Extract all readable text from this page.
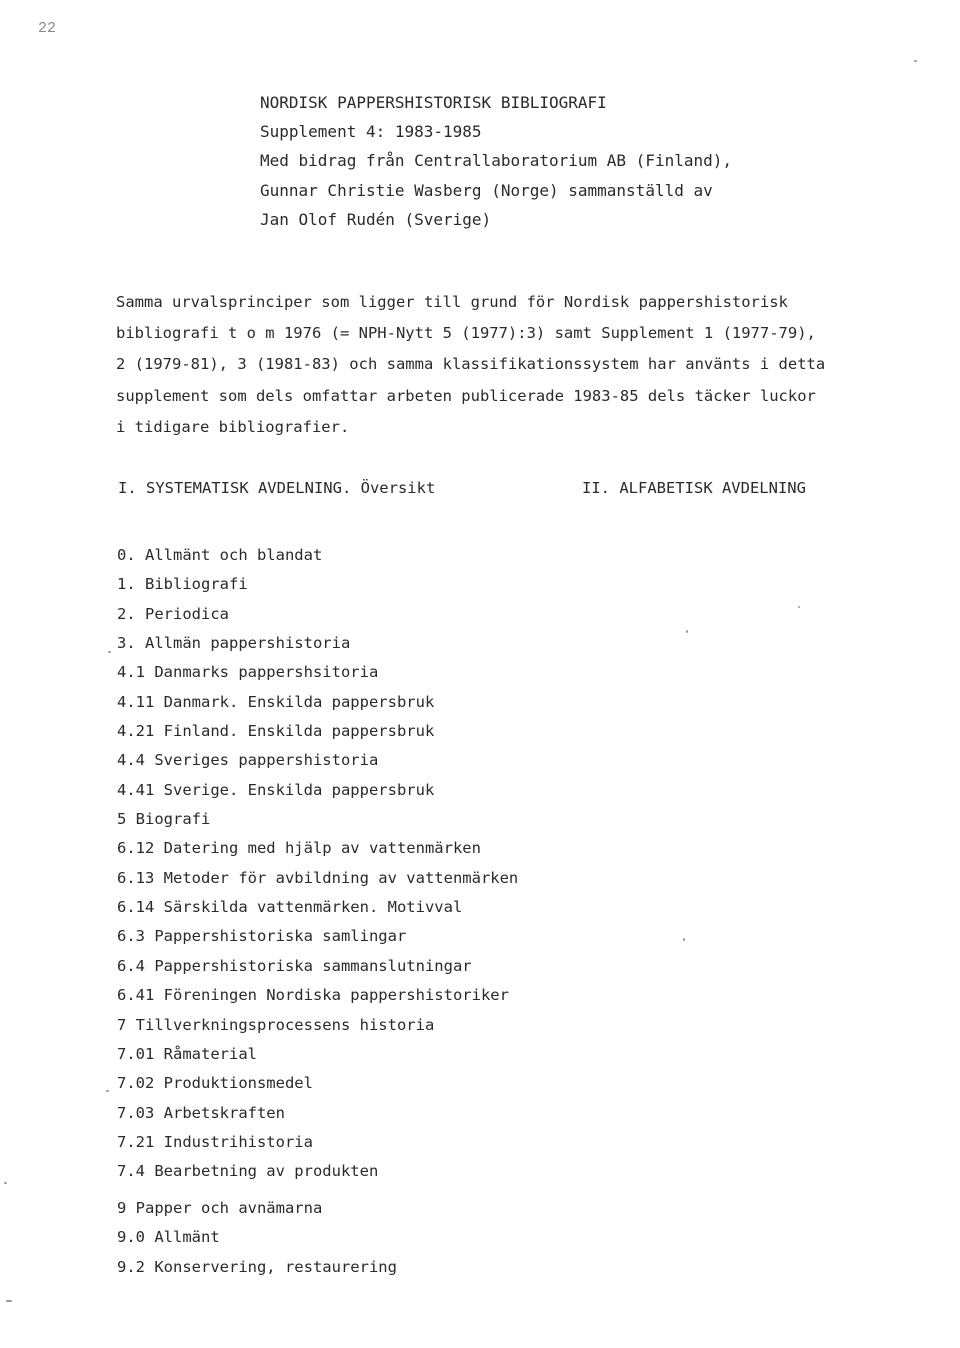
22
NORDISK PAPPERSHISTORISK BIBLIOGRAFI
Supplement 4: 1983-1985
Med bidrag från Centrallaboratorium AB (Finland),
Gunnar Christie Wasberg (Norge) sammanställd av
Jan Olof Rudén (Sverige)
Samma urvalsprinciper som ligger till grund för Nordisk pappershistorisk
bibliografi t o m 1976 (= NPH-Nytt 5 (1977):3) samt Supplement 1 (1977-79),
2 (1979-81), 3 (1981-83) och samma klassifikationssystem har använts i detta
supplement som dels omfattar arbeten publicerade 1983-85 dels täcker luckor
i tidigare bibliografier.
I. SYSTEMATISK AVDELNING. Översikt	II. ALFABETISK AVDELNING
0. Allmänt och blandat
1. Bibliografi
2. Periodica
3. Allmän pappershistoria
4.1 Danmarks pappershsitoria
4.11 Danmark. Enskilda pappersbruk
4.21 Finland. Enskilda pappersbruk
4.4 Sveriges pappershistoria
4.41 Sverige. Enskilda pappersbruk
5 Biografi
6.12 Datering med hjälp av vattenmärken
6.13 Metoder för avbildning av vattenmärken
6.14 Särskilda vattenmärken. Motivval
6.3 Pappershistoriska samlingar
6.4 Pappershistoriska sammanslutningar
6.41 Föreningen Nordiska pappershistoriker
7 Tillverkningsprocessens historia
7.01 Råmaterial
7.02 Produktionsmedel
7.03 Arbetskraften
7.21 Industrihistoria
7.4 Bearbetning av produkten
9 Papper och avnämarna
9.0 Allmänt
9.2 Konservering, restaurering
